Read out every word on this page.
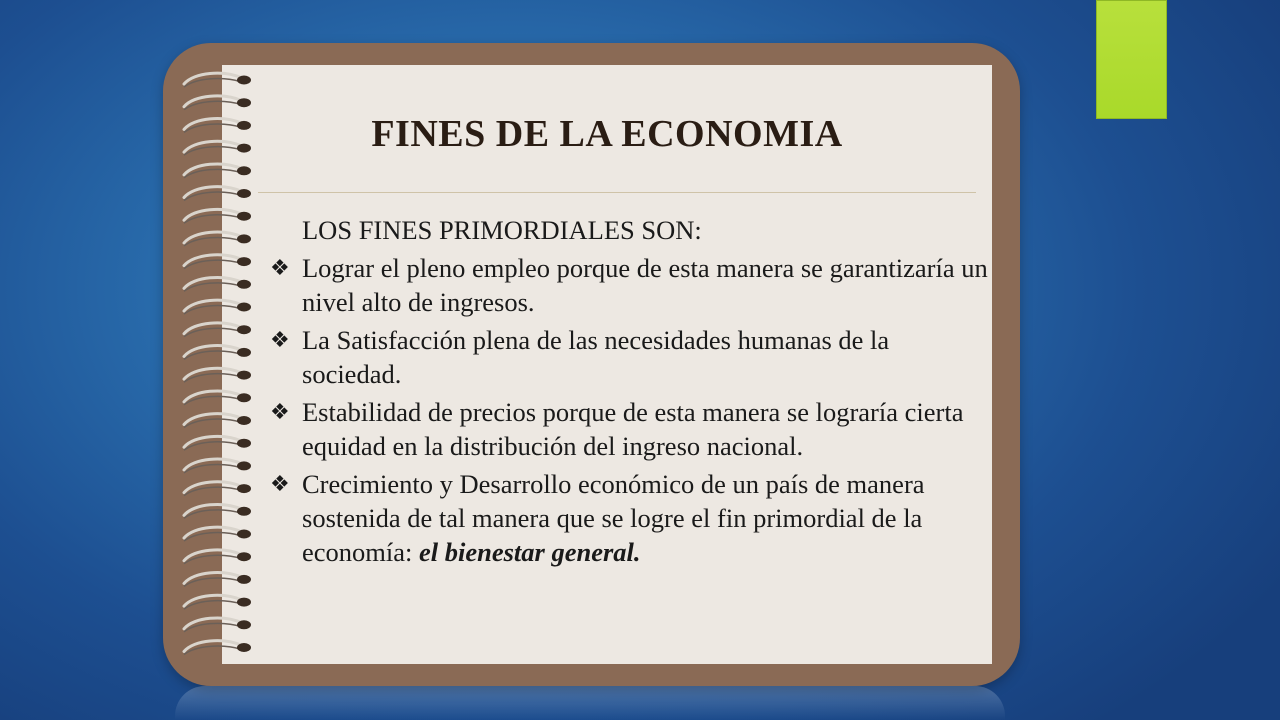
FINES DE LA ECONOMIA

LOS FINES PRIMORDIALES SON:

❖ Lograr el pleno empleo porque de esta manera se garantizaría un nivel alto de ingresos.

❖ La Satisfacción plena de las necesidades humanas de la sociedad.

❖ Estabilidad de precios porque de esta manera se lograría cierta equidad en la distribución del ingreso nacional.

❖ Crecimiento y Desarrollo económico de un país de manera sostenida de tal manera que se logre el fin primordial de la economía: el bienestar general.
